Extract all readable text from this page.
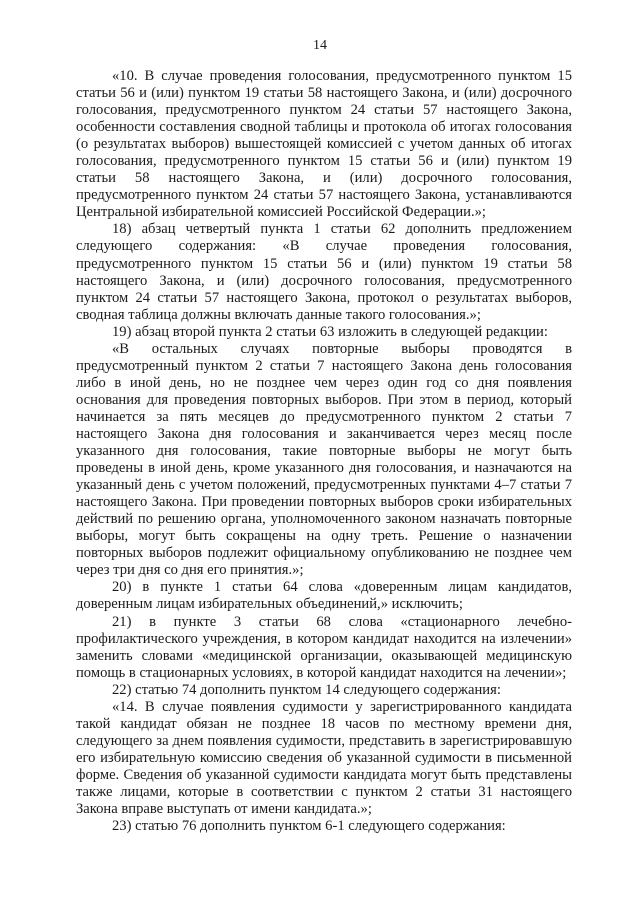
14

«10. В случае проведения голосования, предусмотренного пунктом 15 статьи 56 и (или) пунктом 19 статьи 58 настоящего Закона, и (или) досрочного голосования, предусмотренного пунктом 24 статьи 57 настоящего Закона, особенности составления сводной таблицы и протокола об итогах голосования (о результатах выборов) вышестоящей комиссией с учетом данных об итогах голосования, предусмотренного пунктом 15 статьи 56 и (или) пунктом 19 статьи 58 настоящего Закона, и (или) досрочного голосования, предусмотренного пунктом 24 статьи 57 настоящего Закона, устанавливаются Центральной избирательной комиссией Российской Федерации.»;

18) абзац четвертый пункта 1 статьи 62 дополнить предложением следующего содержания: «В случае проведения голосования, предусмотренного пунктом 15 статьи 56 и (или) пунктом 19 статьи 58 настоящего Закона, и (или) досрочного голосования, предусмотренного пунктом 24 статьи 57 настоящего Закона, протокол о результатах выборов, сводная таблица должны включать данные такого голосования.»;

19) абзац второй пункта 2 статьи 63 изложить в следующей редакции:

«В остальных случаях повторные выборы проводятся в предусмотренный пунктом 2 статьи 7 настоящего Закона день голосования либо в иной день, но не позднее чем через один год со дня появления основания для проведения повторных выборов. При этом в период, который начинается за пять месяцев до предусмотренного пунктом 2 статьи 7 настоящего Закона дня голосования и заканчивается через месяц после указанного дня голосования, такие повторные выборы не могут быть проведены в иной день, кроме указанного дня голосования, и назначаются на указанный день с учетом положений, предусмотренных пунктами 4–7 статьи 7 настоящего Закона. При проведении повторных выборов сроки избирательных действий по решению органа, уполномоченного законом назначать повторные выборы, могут быть сокращены на одну треть. Решение о назначении повторных выборов подлежит официальному опубликованию не позднее чем через три дня со дня его принятия.»;

20) в пункте 1 статьи 64 слова «доверенным лицам кандидатов, доверенным лицам избирательных объединений,» исключить;

21) в пункте 3 статьи 68 слова «стационарного лечебно-профилактического учреждения, в котором кандидат находится на излечении» заменить словами «медицинской организации, оказывающей медицинскую помощь в стационарных условиях, в которой кандидат находится на лечении»;

22) статью 74 дополнить пунктом 14 следующего содержания:

«14. В случае появления судимости у зарегистрированного кандидата такой кандидат обязан не позднее 18 часов по местному времени дня, следующего за днем появления судимости, представить в зарегистрировавшую его избирательную комиссию сведения об указанной судимости в письменной форме. Сведения об указанной судимости кандидата могут быть представлены также лицами, которые в соответствии с пунктом 2 статьи 31 настоящего Закона вправе выступать от имени кандидата.»;

23) статью 76 дополнить пунктом 6-1 следующего содержания:
